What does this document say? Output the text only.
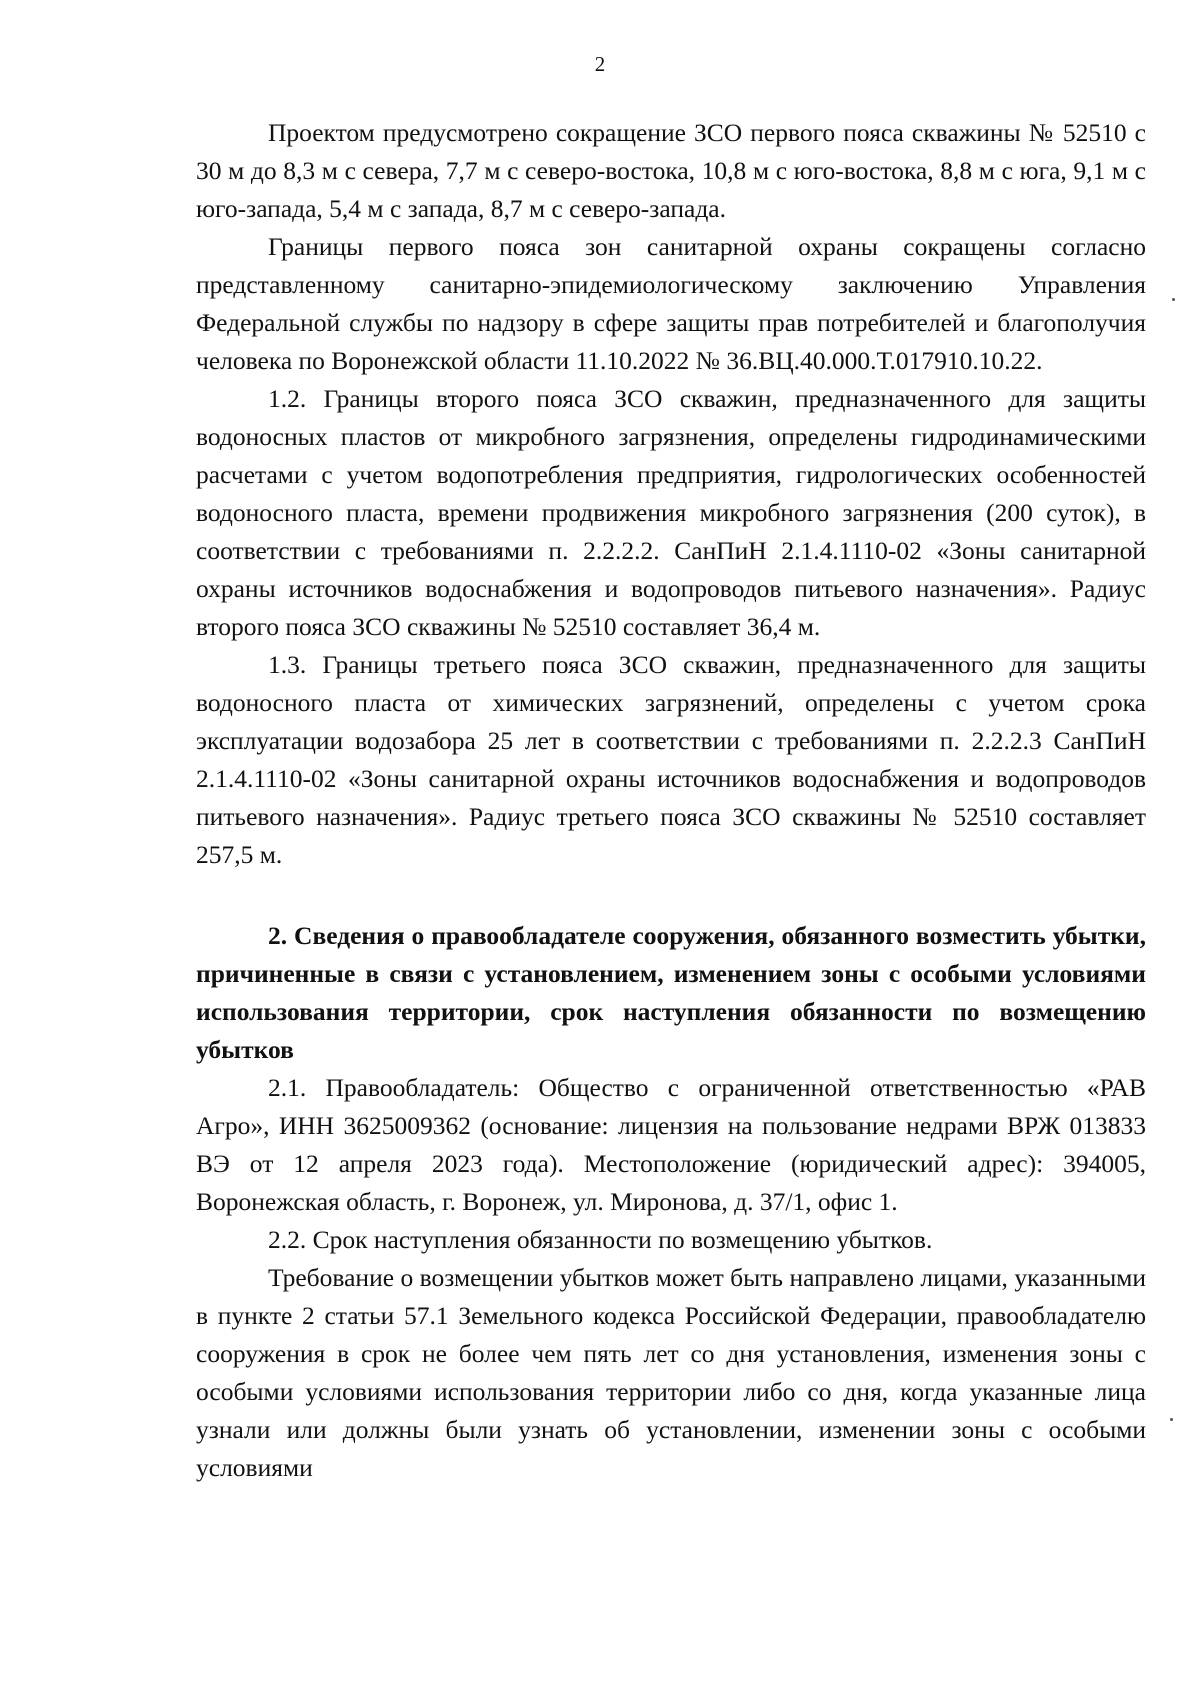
2

Проектом предусмотрено сокращение ЗСО первого пояса скважины № 52510 с 30 м до 8,3 м с севера, 7,7 м с северо-востока, 10,8 м с юго-востока, 8,8 м с юга, 9,1 м с юго-запада, 5,4 м с запада, 8,7 м с северо-запада.

Границы первого пояса зон санитарной охраны сокращены согласно представленному санитарно-эпидемиологическому заключению Управления Федеральной службы по надзору в сфере защиты прав потребителей и благополучия человека по Воронежской области 11.10.2022 № 36.ВЦ.40.000.Т.017910.10.22.

1.2. Границы второго пояса ЗСО скважин, предназначенного для защиты водоносных пластов от микробного загрязнения, определены гидродинамическими расчетами с учетом водопотребления предприятия, гидрологических особенностей водоносного пласта, времени продвижения микробного загрязнения (200 суток), в соответствии с требованиями п. 2.2.2.2. СанПиН 2.1.4.1110-02 «Зоны санитарной охраны источников водоснабжения и водопроводов питьевого назначения». Радиус второго пояса ЗСО скважины № 52510 составляет 36,4 м.

1.3. Границы третьего пояса ЗСО скважин, предназначенного для защиты водоносного пласта от химических загрязнений, определены с учетом срока эксплуатации водозабора 25 лет в соответствии с требованиями п. 2.2.2.3 СанПиН 2.1.4.1110-02 «Зоны санитарной охраны источников водоснабжения и водопроводов питьевого назначения». Радиус третьего пояса ЗСО скважины № 52510 составляет 257,5 м.

2. Сведения о правообладателе сооружения, обязанного возместить убытки, причиненные в связи с установлением, изменением зоны с особыми условиями использования территории, срок наступления обязанности по возмещению убытков

2.1. Правообладатель: Общество с ограниченной ответственностью «РАВ Агро», ИНН 3625009362 (основание: лицензия на пользование недрами ВРЖ 013833 ВЭ от 12 апреля 2023 года). Местоположение (юридический адрес): 394005, Воронежская область, г. Воронеж, ул. Миронова, д. 37/1, офис 1.

2.2. Срок наступления обязанности по возмещению убытков.

Требование о возмещении убытков может быть направлено лицами, указанными в пункте 2 статьи 57.1 Земельного кодекса Российской Федерации, правообладателю сооружения в срок не более чем пять лет со дня установления, изменения зоны с особыми условиями использования территории либо со дня, когда указанные лица узнали или должны были узнать об установлении, изменении зоны с особыми условиями
